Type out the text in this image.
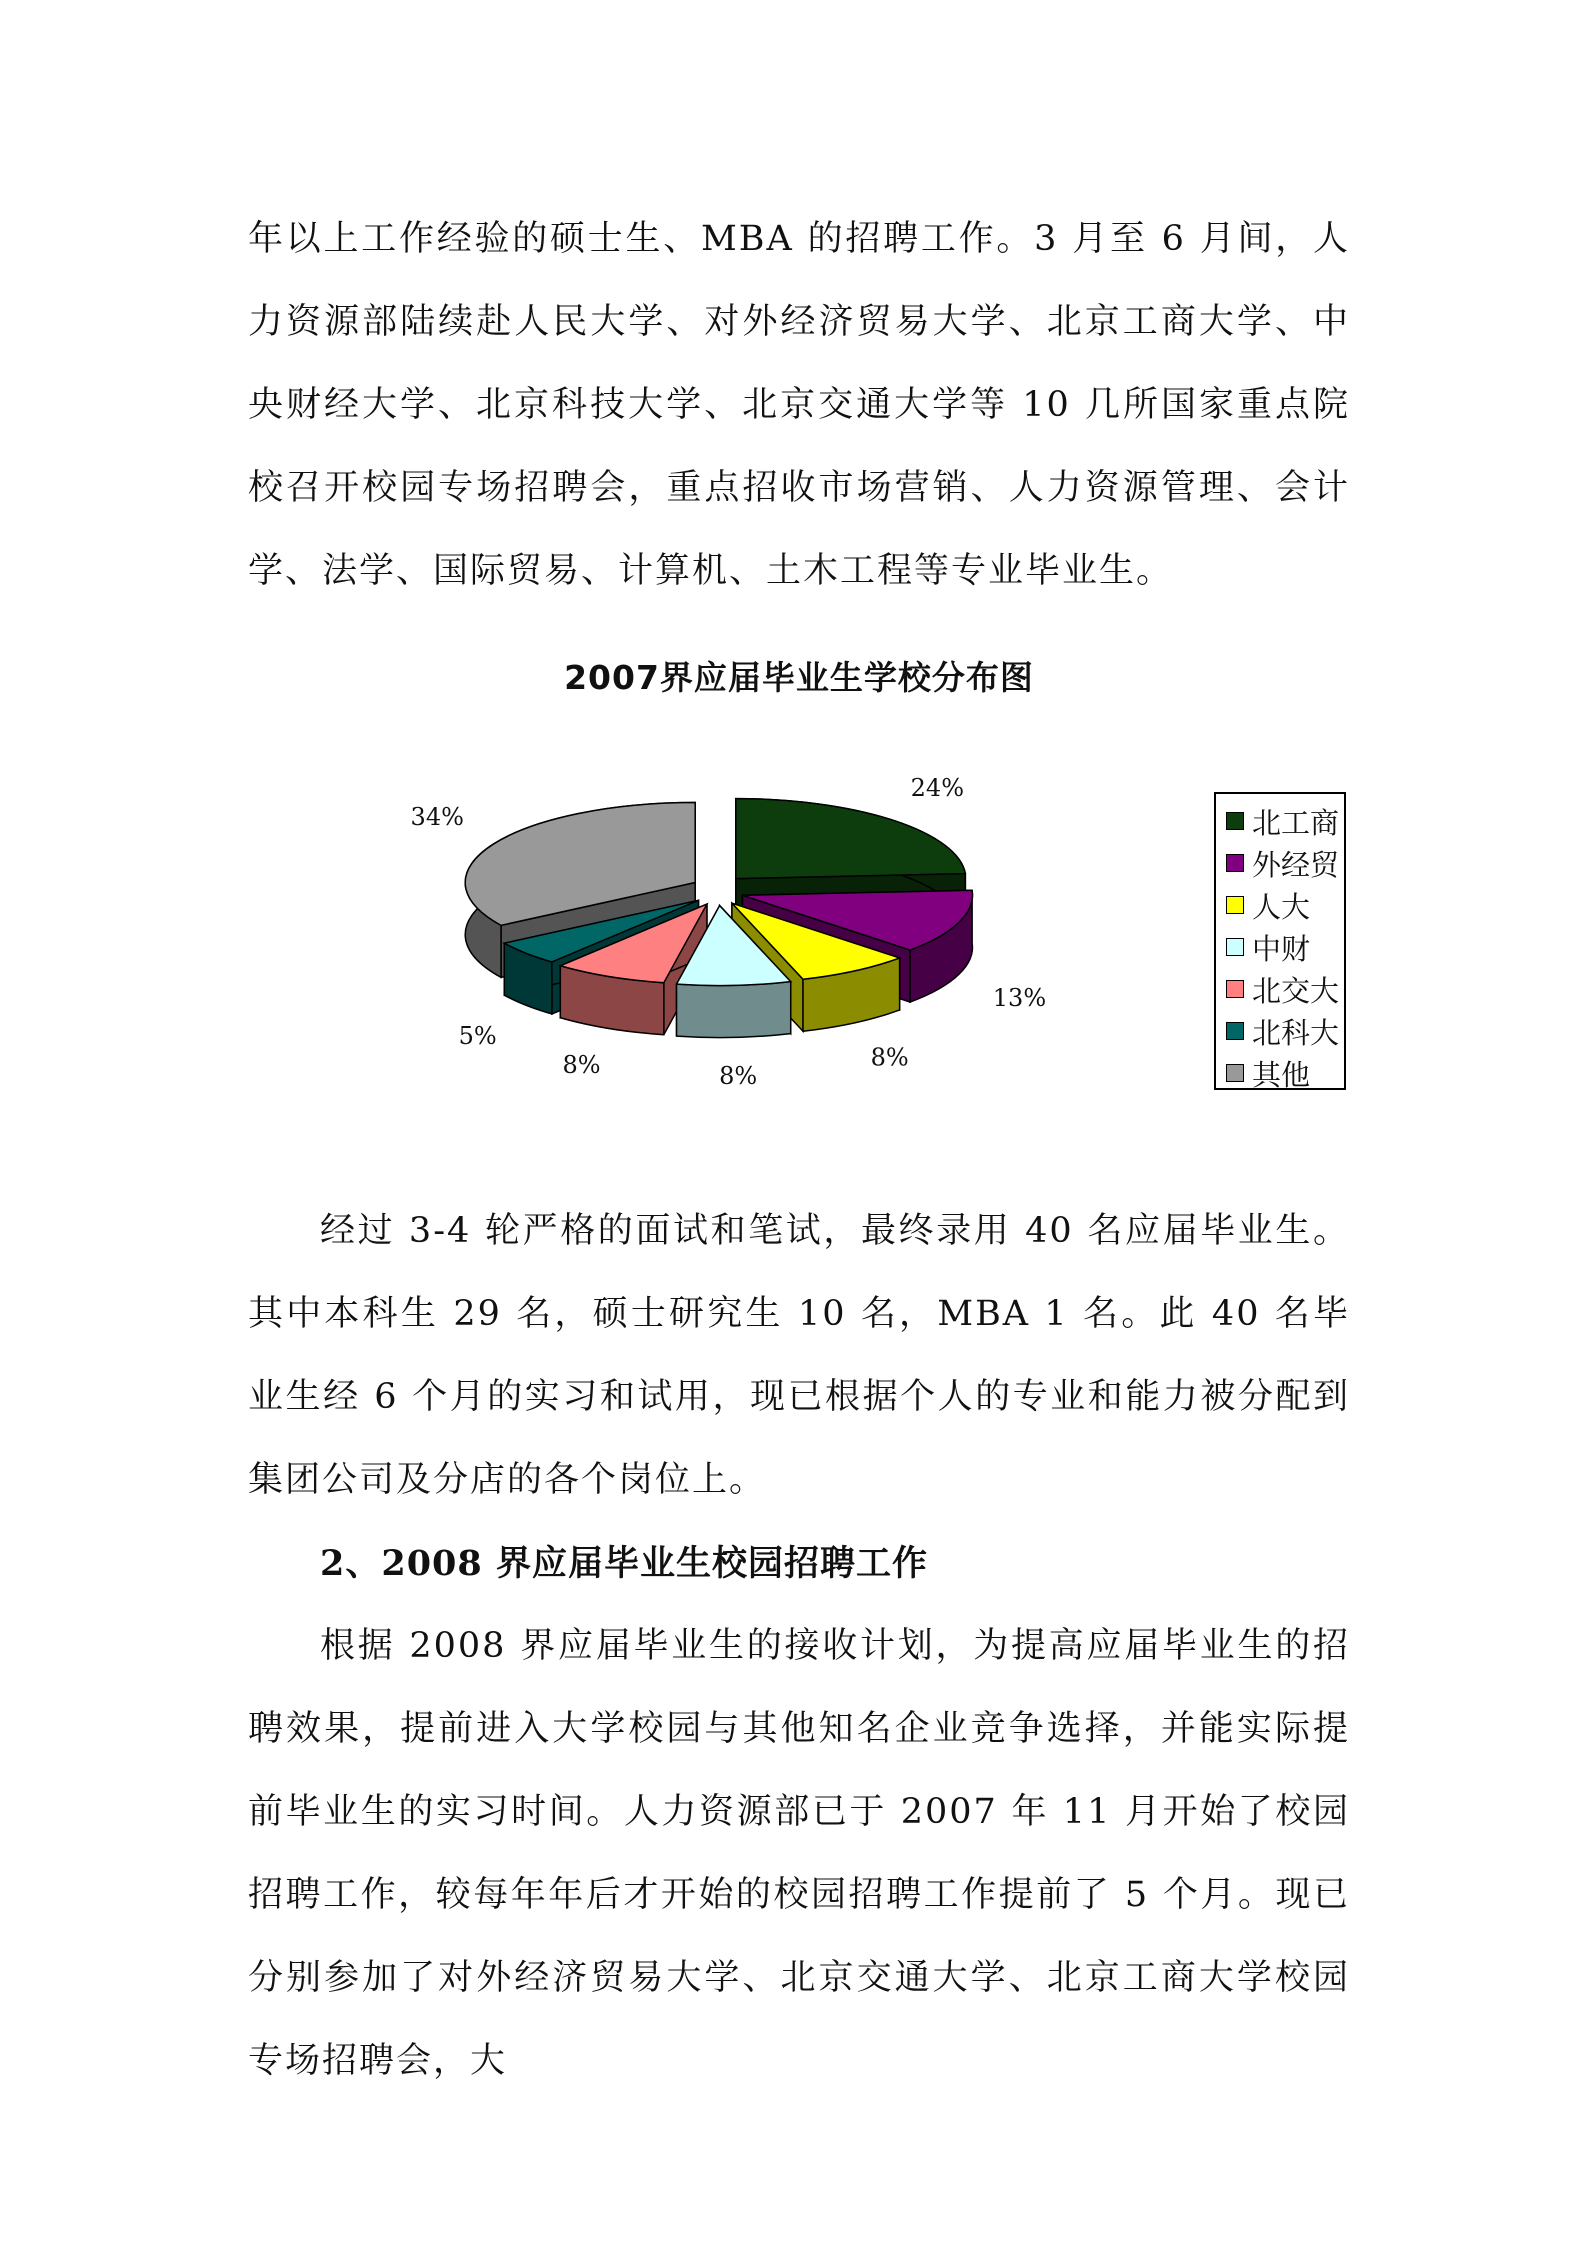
年以上工作经验的硕士生、MBA 的招聘工作。3 月至 6 月间，人力资源部陆续赴人民大学、对外经济贸易大学、北京工商大学、中央财经大学、北京科技大学、北京交通大学等 10 几所国家重点院校召开校园专场招聘会，重点招收市场营销、人力资源管理、会计学、法学、国际贸易、计算机、土木工程等专业毕业生。

2007界应届毕业生学校分布图

24%
13%
8%
8%
8%
5%
34%	北工商
外经贸
人大
中财
北交大
北科大
其他

经过 3-4 轮严格的面试和笔试，最终录用 40 名应届毕业生。其中本科生 29 名，硕士研究生 10 名，MBA 1 名。此 40 名毕业生经 6 个月的实习和试用，现已根据个人的专业和能力被分配到集团公司及分店的各个岗位上。

2、2008 界应届毕业生校园招聘工作

根据 2008 界应届毕业生的接收计划，为提高应届毕业生的招聘效果，提前进入大学校园与其他知名企业竞争选择，并能实际提前毕业生的实习时间。人力资源部已于 2007 年 11 月开始了校园招聘工作，较每年年后才开始的校园招聘工作提前了 5 个月。现已分别参加了对外经济贸易大学、北京交通大学、北京工商大学校园专场招聘会，大
